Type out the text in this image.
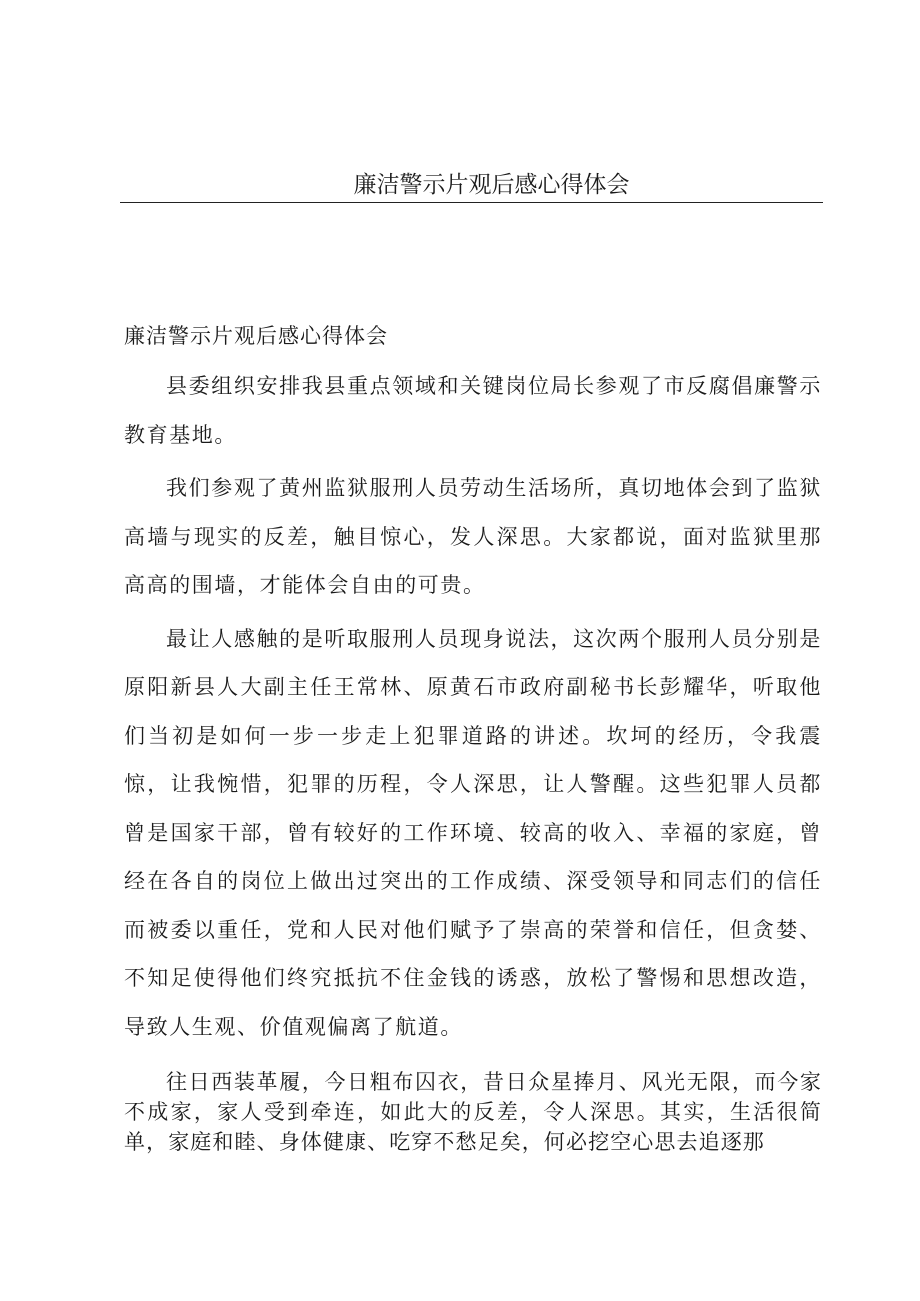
廉洁警示片观后感心得体会
廉洁警示片观后感心得体会

县委组织安排我县重点领域和关键岗位局长参观了市反腐倡廉警示教育基地。

我们参观了黄州监狱服刑人员劳动生活场所，真切地体会到了监狱高墙与现实的反差，触目惊心，发人深思。大家都说，面对监狱里那高高的围墙，才能体会自由的可贵。

最让人感触的是听取服刑人员现身说法，这次两个服刑人员分别是原阳新县人大副主任王常林、原黄石市政府副秘书长彭耀华，听取他们当初是如何一步一步走上犯罪道路的讲述。坎坷的经历，令我震惊，让我惋惜，犯罪的历程，令人深思，让人警醒。这些犯罪人员都曾是国家干部，曾有较好的工作环境、较高的收入、幸福的家庭，曾经在各自的岗位上做出过突出的工作成绩、深受领导和同志们的信任而被委以重任，党和人民对他们赋予了崇高的荣誉和信任，但贪婪、不知足使得他们终究抵抗不住金钱的诱惑，放松了警惕和思想改造，导致人生观、价值观偏离了航道。

往日西装革履，今日粗布囚衣，昔日众星捧月、风光无限，而今家不成家，家人受到牵连，如此大的反差，令人深思。其实，生活很简单，家庭和睦、身体健康、吃穿不愁足矣，何必挖空心思去追逐那
